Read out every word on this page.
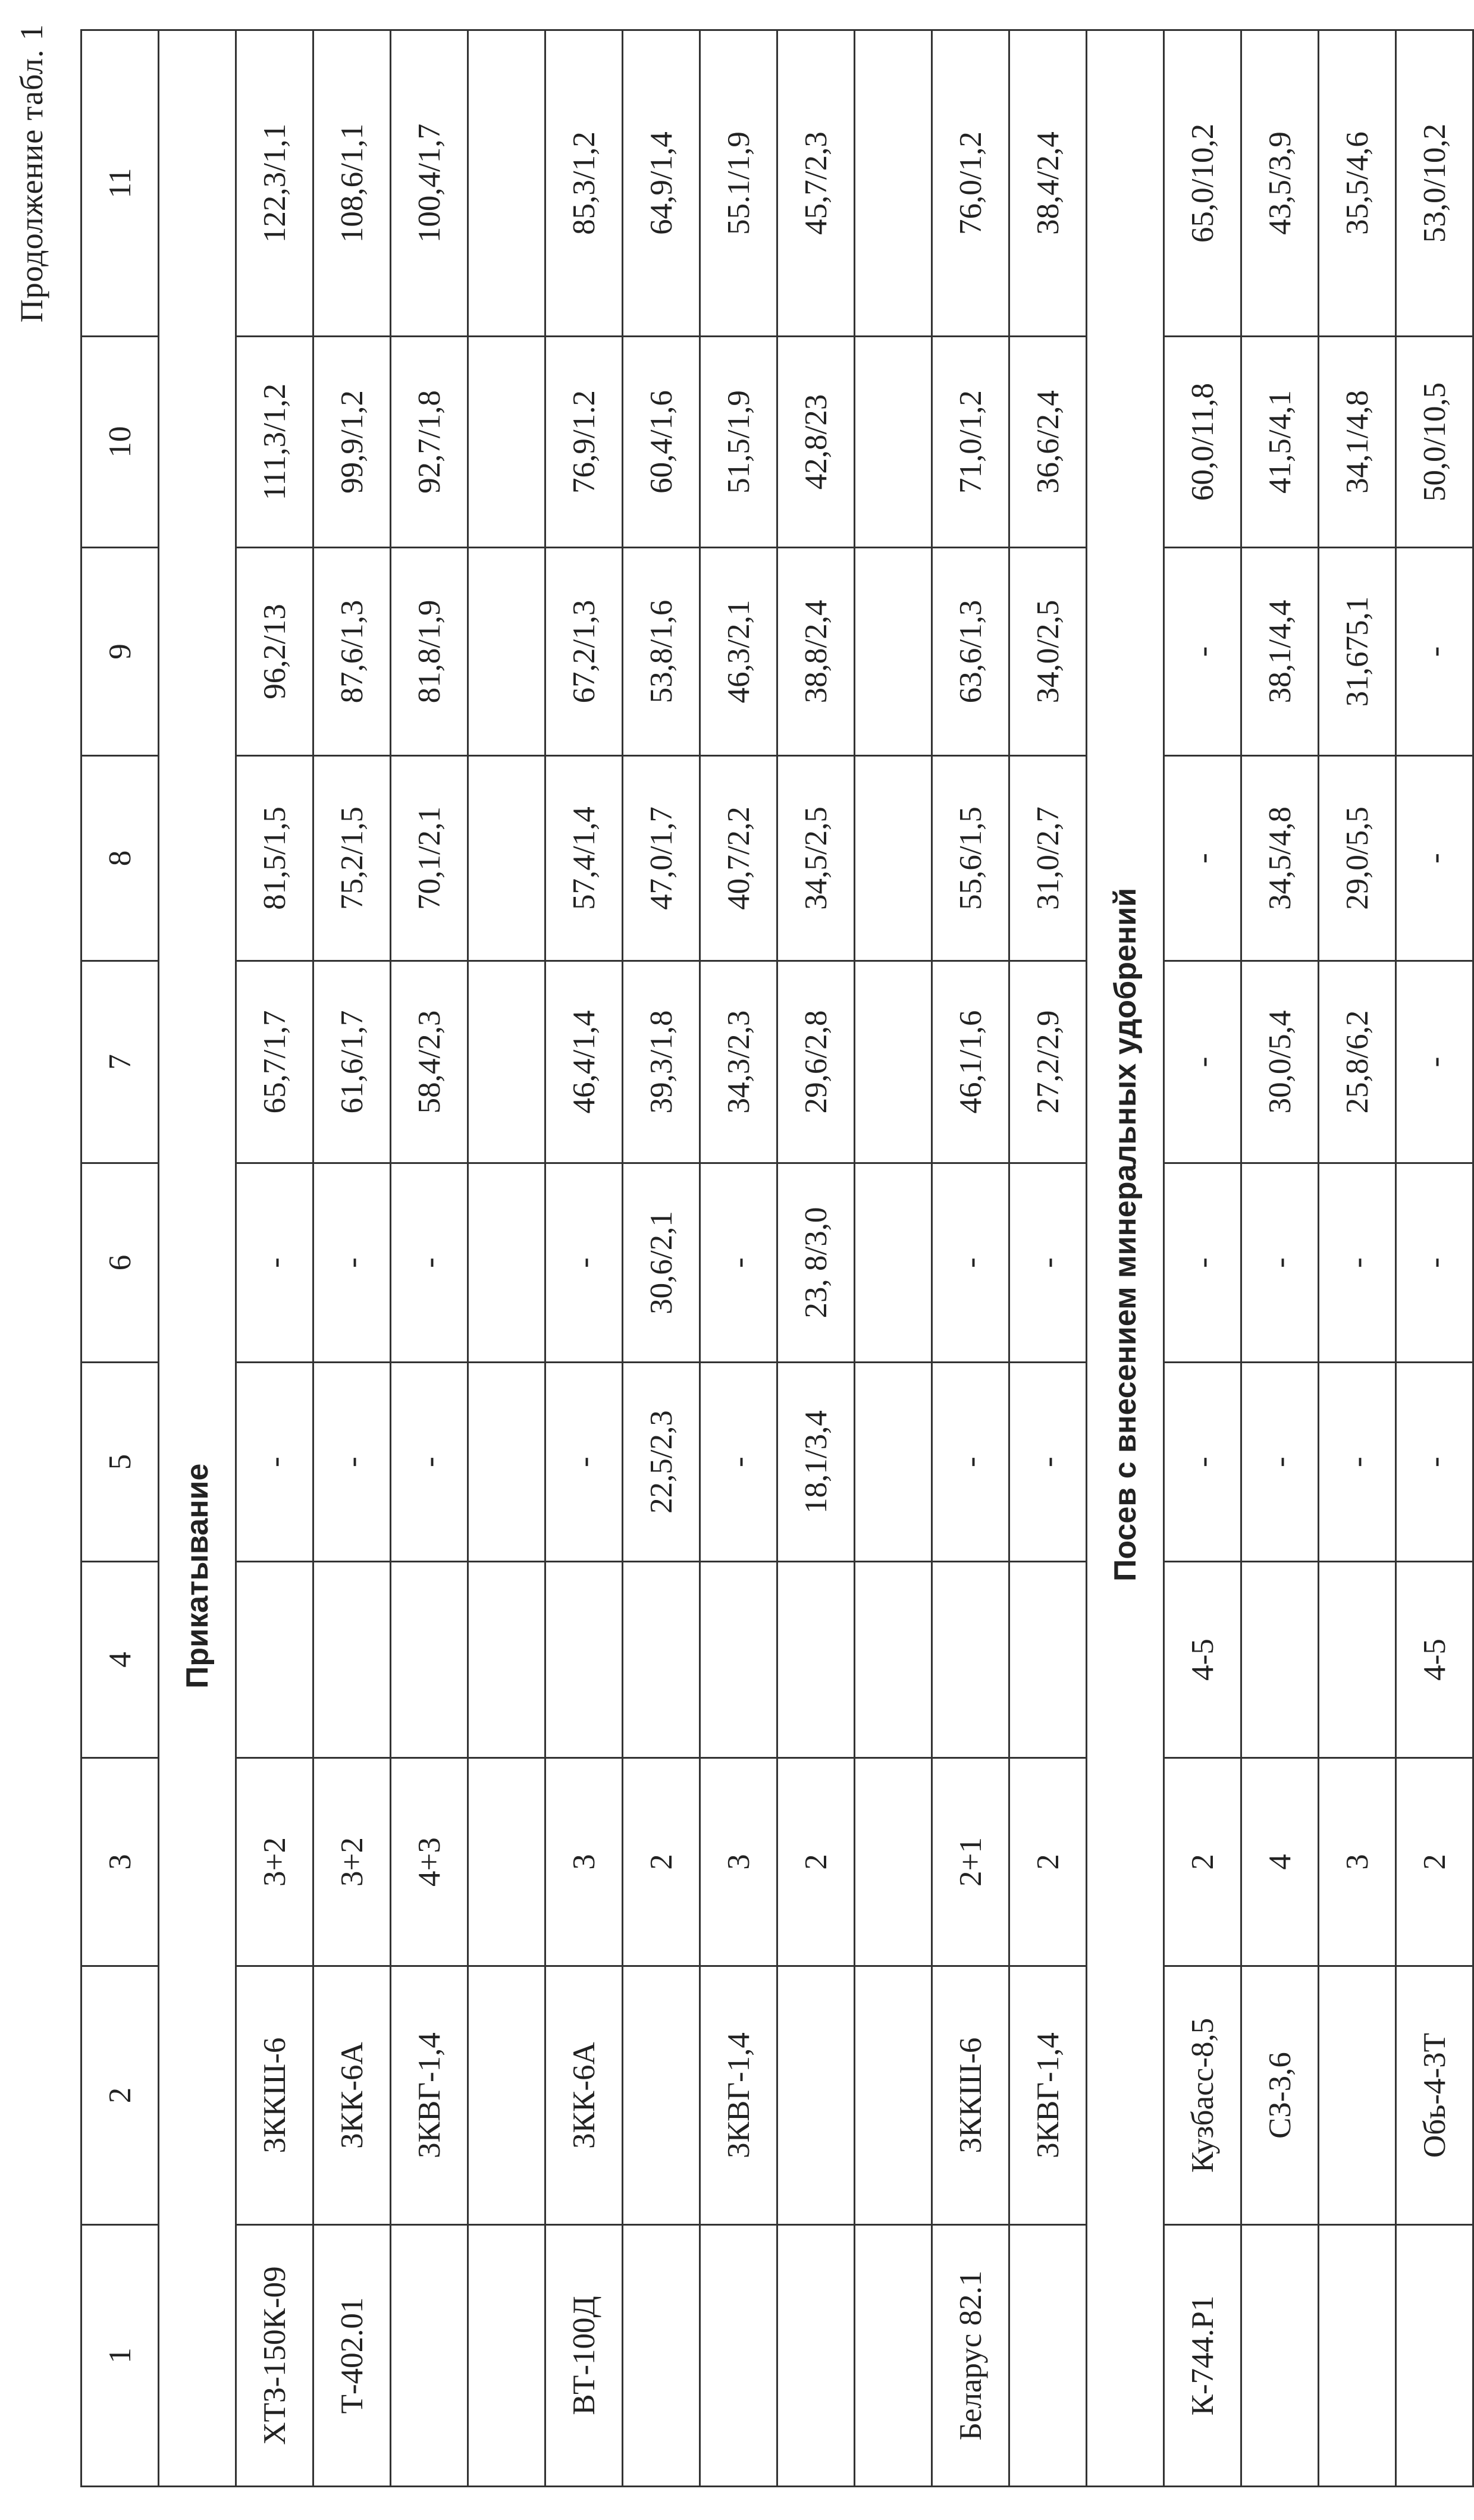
Продолжение табл. 1
1	2	3	4	5	6	7	8	9	10	11
Прикатывание										
ХТЗ-150К-09	3ККШ-6	3+2		-	-	65,7/1,7	81,5/1,5	96,2/13	111,3/1,2	122,3/1,1
Т-402.01	3КК-6А	3+2		-	-	61,6/1,7	75,2/1,5	87,6/1,3	99,9/1,2	108,6/1,1
	3КВГ-1,4	4+3		-	-	58,4/2,3	70,1/2,1	81,8/1,9	92,7/1,8	100,4/1,7

ВТ-100Д	3КК-6А	3		-	-	46,4/1,4	57,4/1,4	67,2/1,3	76,9/1.2	85,3/1,2
		2		22,5/2,3	30,6/2,1	39,3/1,8	47,0/1,7	53,8/1,6	60,4/1,6	64,9/1,4
	3КВГ-1,4	3		-	-	34,3/2,3	40,7/2,2	46,3/2,1	51,5/1,9	55.1/1,9
		2		18,1/3,4	23, 8/3,0	29,6/2,8	34,5/2,5	38,8/2,4	42,8/23	45,7/2,3

Беларус 82.1	3ККШ-6	2+1		-	-	46,1/1,6	55,6/1,5	63,6/1,3	71,0/1,2	76,0/1,2
	3КВГ-1,4	2		-	-	27,2/2,9	31,0/2,7	34,0/2,5	36,6/2,4	38,4/2,4
Посев с внесением минеральных удобрений										
К-744.Р1	Кузбасс-8,5	2	4-5	-	-	-	-	-	60,0/11,8	65,0/10,2
	СЗ-3,6	4		-	-	30,0/5,4	34,5/4,8	38,1/4,4	41,5/4,1	43,5/3,9
		3		-	-	25,8/6,2	29,0/5,5	31,675,1	34,1/4,8	35,5/4,6
	Обь-4-3Т	2	4-5	-	-	-	-	-	50,0/10,5	53,0/10,2
